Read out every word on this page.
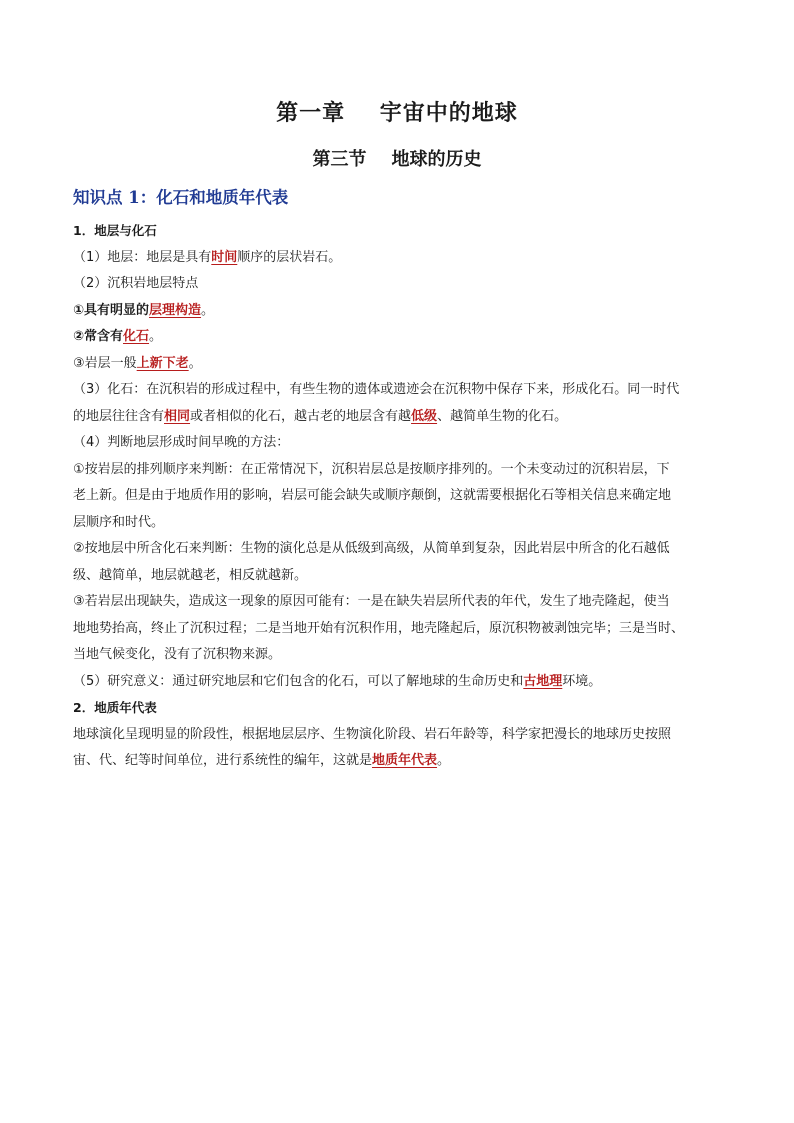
第一章    宇宙中的地球
第三节    地球的历史
知识点 1：化石和地质年代表
1．地层与化石
（1）地层：地层是具有时间顺序的层状岩石。
（2）沉积岩地层特点
①具有明显的层理构造。
②常含有化石。
③岩层一般上新下老。
（3）化石：在沉积岩的形成过程中，有些生物的遗体或遗迹会在沉积物中保存下来，形成化石。同一时代
的地层往往含有相同或者相似的化石，越古老的地层含有越低级、越简单生物的化石。
（4）判断地层形成时间早晚的方法：
①按岩层的排列顺序来判断：在正常情况下，沉积岩层总是按顺序排列的。一个未变动过的沉积岩层，下
老上新。但是由于地质作用的影响，岩层可能会缺失或顺序颠倒，这就需要根据化石等相关信息来确定地
层顺序和时代。
②按地层中所含化石来判断：生物的演化总是从低级到高级，从简单到复杂，因此岩层中所含的化石越低
级、越简单，地层就越老，相反就越新。
③若岩层出现缺失，造成这一现象的原因可能有：一是在缺失岩层所代表的年代，发生了地壳隆起，使当
地地势抬高，终止了沉积过程；二是当地开始有沉积作用，地壳隆起后，原沉积物被剥蚀完毕；三是当时、
当地气候变化，没有了沉积物来源。
（5）研究意义：通过研究地层和它们包含的化石，可以了解地球的生命历史和古地理环境。
2．地质年代表
地球演化呈现明显的阶段性，根据地层层序、生物演化阶段、岩石年龄等，科学家把漫长的地球历史按照
宙、代、纪等时间单位，进行系统性的编年，这就是地质年代表。
